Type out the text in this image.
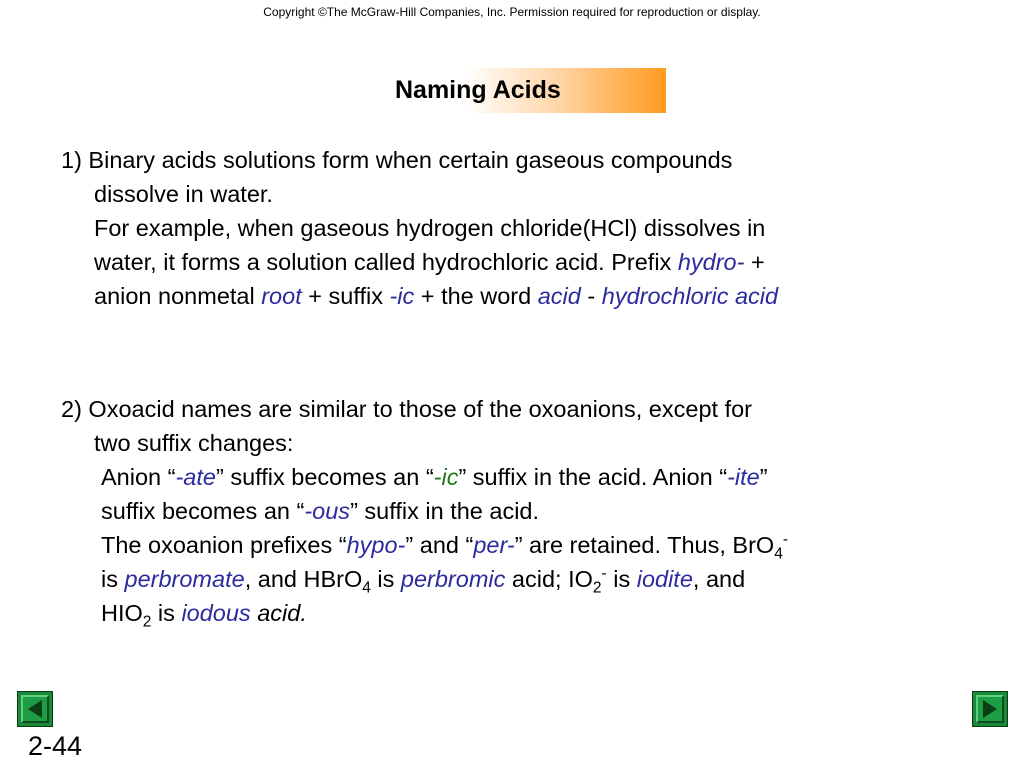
Copyright ©The McGraw-Hill Companies, Inc. Permission required for reproduction or display.
Naming Acids
1) Binary acids solutions form when certain gaseous compounds
dissolve in water.
For example, when gaseous hydrogen chloride(HCl) dissolves in
water, it forms a solution called hydrochloric acid. Prefix hydro- +
anion nonmetal root + suffix -ic + the word acid - hydrochloric acid
2) Oxoacid names are similar to those of the oxoanions, except for
two suffix changes:
Anion “-ate” suffix becomes an “-ic” suffix in the acid. Anion “-ite”
suffix becomes an “-ous” suffix in the acid.
The oxoanion prefixes “hypo-” and “per-” are retained. Thus, BrO$_4$-
is perbromate, and HBrO$_4$ is perbromic acid; $IO_2^-$ is iodite, and
$HIO_2$ is iodous acid.
2-44
